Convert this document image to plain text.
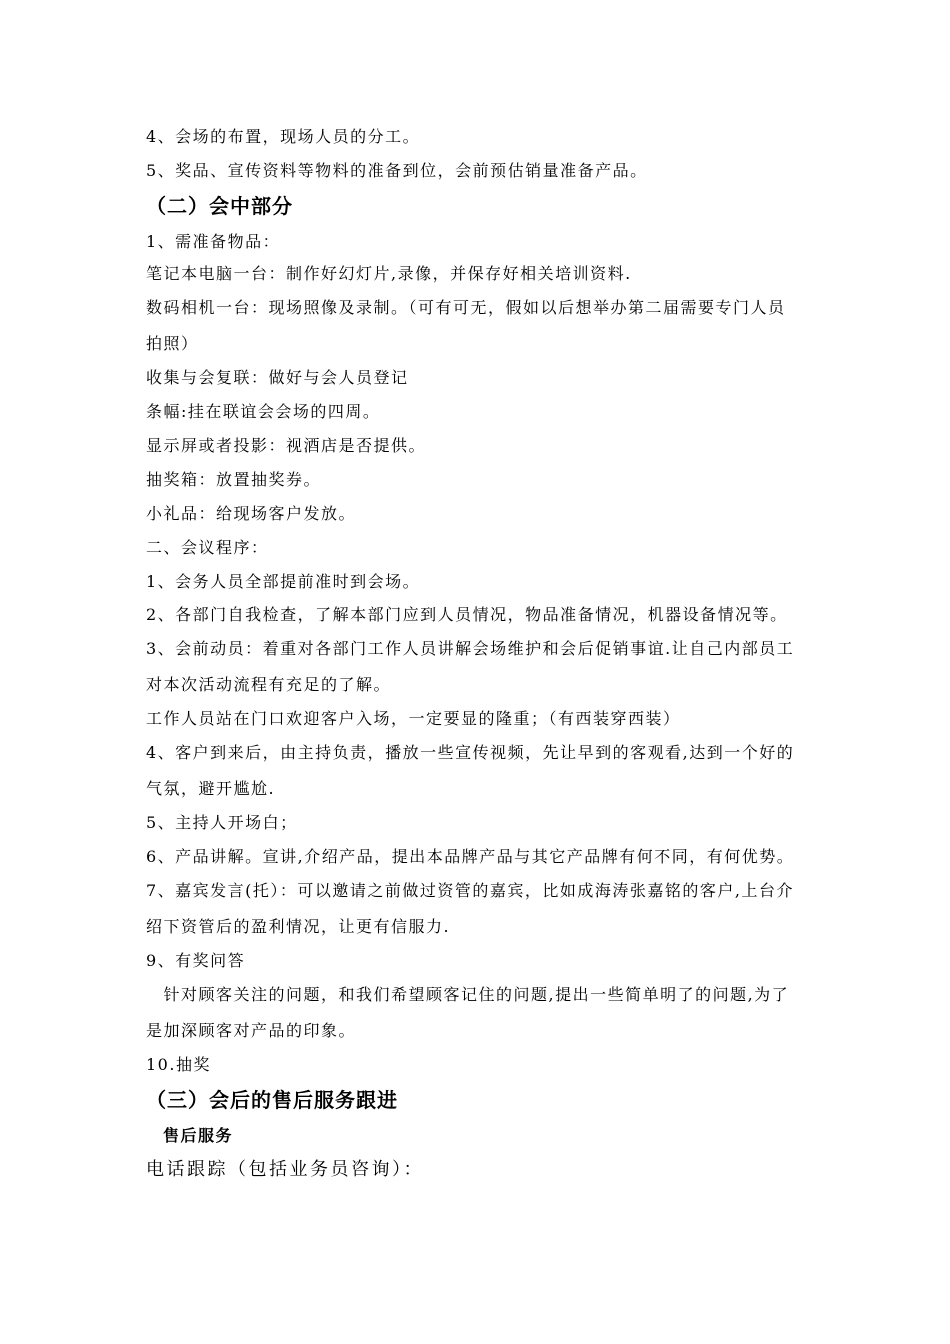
4、会场的布置，现场人员的分工。
5、奖品、宣传资料等物料的准备到位，会前预估销量准备产品。
（二）会中部分
1、需准备物品：
笔记本电脑一台：制作好幻灯片,录像，并保存好相关培训资料.
数码相机一台：现场照像及录制。（可有可无，假如以后想举办第二届需要专门人员
拍照）
收集与会复联：做好与会人员登记
条幅:挂在联谊会会场的四周。
显示屏或者投影：视酒店是否提供。
抽奖箱：放置抽奖券。
小礼品：给现场客户发放。
二、会议程序：
1、会务人员全部提前准时到会场。
2、各部门自我检查，了解本部门应到人员情况，物品准备情况，机器设备情况等。
3、会前动员：着重对各部门工作人员讲解会场维护和会后促销事谊.让自己内部员工
对本次活动流程有充足的了解。
工作人员站在门口欢迎客户入场，一定要显的隆重；（有西装穿西装）
4、客户到来后，由主持负责，播放一些宣传视频，先让早到的客观看,达到一个好的
气氛，避开尴尬.
5、主持人开场白；
6、产品讲解。宣讲,介绍产品，提出本品牌产品与其它产品牌有何不同，有何优势。
7、嘉宾发言(托）：可以邀请之前做过资管的嘉宾，比如成海涛张嘉铭的客户,上台介
绍下资管后的盈利情况，让更有信服力.
9、有奖问答
　针对顾客关注的问题，和我们希望顾客记住的问题,提出一些简单明了的问题,为了
是加深顾客对产品的印象。
10.抽奖
（三）会后的售后服务跟进
售后服务
电话跟踪（包括业务员咨询）：
